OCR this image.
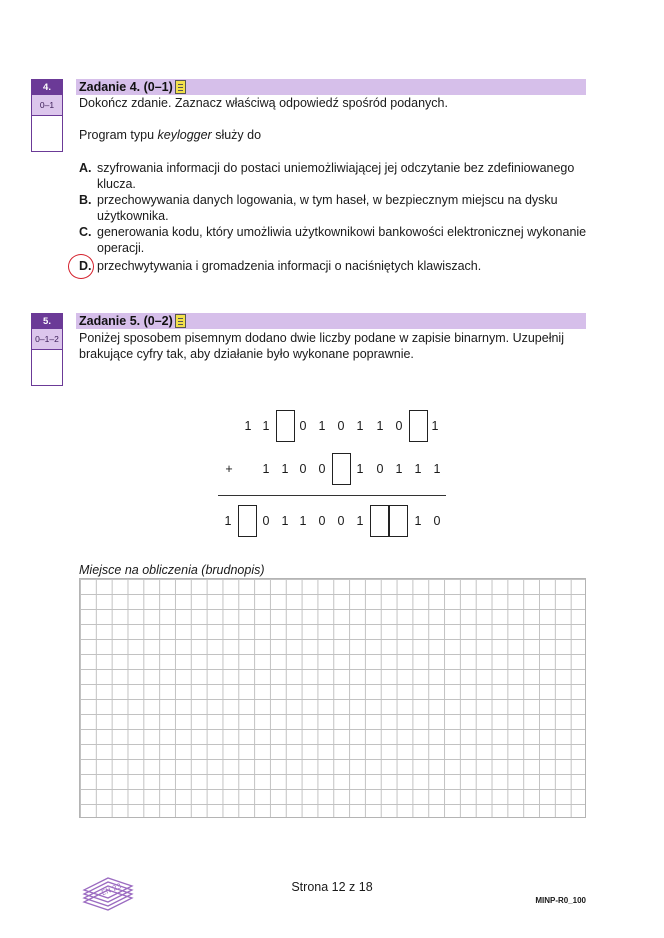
4.
0–1
Zadanie 4. (0–1)
Dokończ zdanie. Zaznacz właściwą odpowiedź spośród podanych.
Program typu keylogger służy do
A. szyfrowania informacji do postaci uniemożliwiającej jej odczytanie bez zdefiniowanego
klucza.
B. przechowywania danych logowania, w tym haseł, w bezpiecznym miejscu na dysku
użytkownika.
C. generowania kodu, który umożliwia użytkownikowi bankowości elektronicznej wykonanie
operacji.
D. przechwytywania i gromadzenia informacji o naciśniętych klawiszach.
5.
0–1–2
Zadanie 5. (0–2)
Poniżej sposobem pisemnym dodano dwie liczby podane w zapisie binarnym. Uzupełnij
brakujące cyfry tak, aby działanie było wykonane poprawnie.
1 1 0 1 0 1 1 0 1
+ 1 1 0 0 1 0 1 1 1
1 0 1 1 0 0 1	1 0
Miejsce na obliczenia (brudnopis)
EN 23	Strona 12 z 18
MINP-R0_100
